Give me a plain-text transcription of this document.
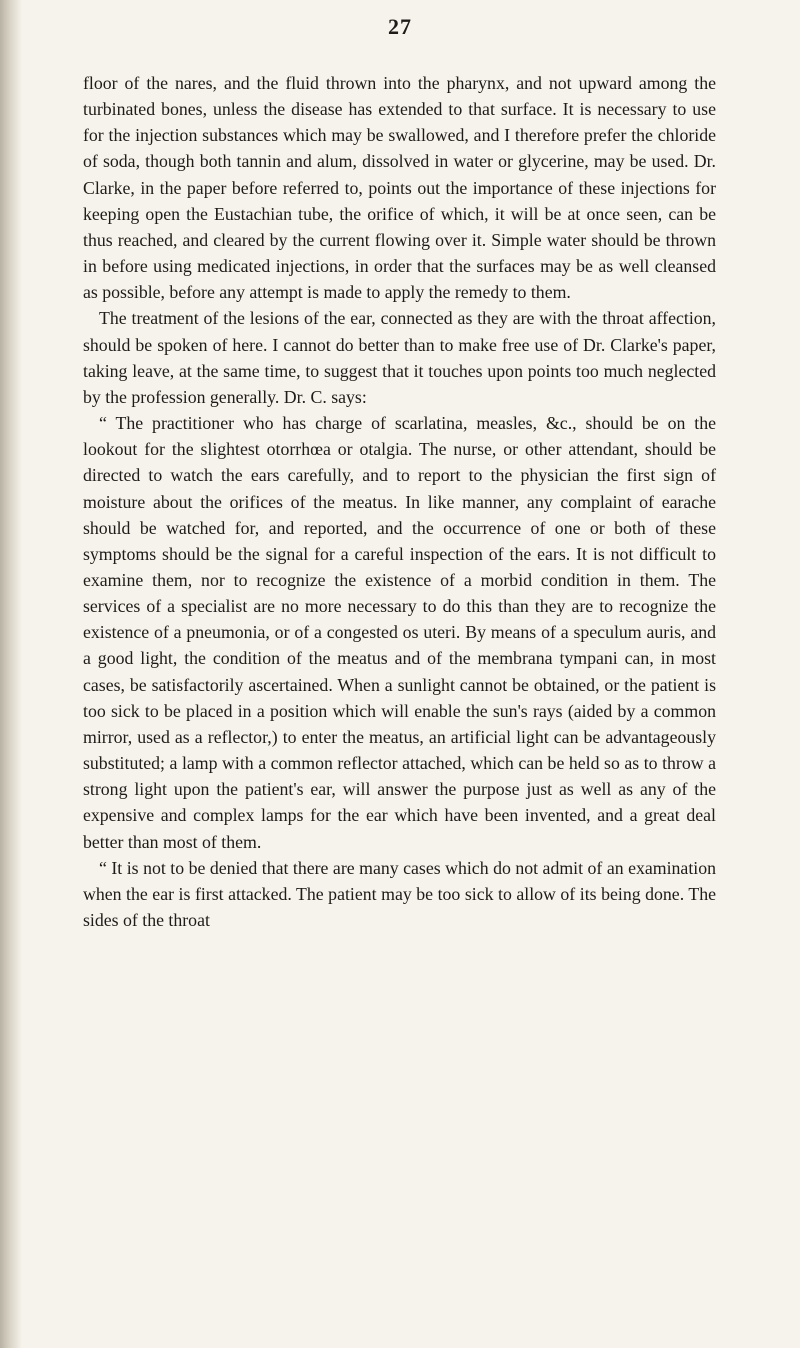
27

floor of the nares, and the fluid thrown into the pharynx, and not upward among the turbinated bones, unless the disease has extended to that surface. It is necessary to use for the injection substances which may be swallowed, and I therefore prefer the chloride of soda, though both tannin and alum, dissolved in water or glycerine, may be used. Dr. Clarke, in the paper before referred to, points out the importance of these injections for keeping open the Eustachian tube, the orifice of which, it will be at once seen, can be thus reached, and cleared by the current flowing over it. Simple water should be thrown in before using medicated injections, in order that the surfaces may be as well cleansed as possible, before any attempt is made to apply the remedy to them.

The treatment of the lesions of the ear, connected as they are with the throat affection, should be spoken of here. I cannot do better than to make free use of Dr. Clarke's paper, taking leave, at the same time, to suggest that it touches upon points too much neglected by the profession generally. Dr. C. says:

“ The practitioner who has charge of scarlatina, measles, &c., should be on the lookout for the slightest otorrhœa or otalgia. The nurse, or other attendant, should be directed to watch the ears carefully, and to report to the physician the first sign of moisture about the orifices of the meatus. In like manner, any complaint of earache should be watched for, and reported, and the occurrence of one or both of these symptoms should be the signal for a careful inspection of the ears. It is not difficult to examine them, nor to recognize the existence of a morbid condition in them. The services of a specialist are no more necessary to do this than they are to recognize the existence of a pneumonia, or of a congested os uteri. By means of a speculum auris, and a good light, the condition of the meatus and of the membrana tympani can, in most cases, be satisfactorily ascertained. When a sunlight cannot be obtained, or the patient is too sick to be placed in a position which will enable the sun's rays (aided by a common mirror, used as a reflector,) to enter the meatus, an artificial light can be advantageously substituted; a lamp with a common reflector attached, which can be held so as to throw a strong light upon the patient's ear, will answer the purpose just as well as any of the expensive and complex lamps for the ear which have been invented, and a great deal better than most of them.

“ It is not to be denied that there are many cases which do not admit of an examination when the ear is first attacked. The patient may be too sick to allow of its being done. The sides of the throat
